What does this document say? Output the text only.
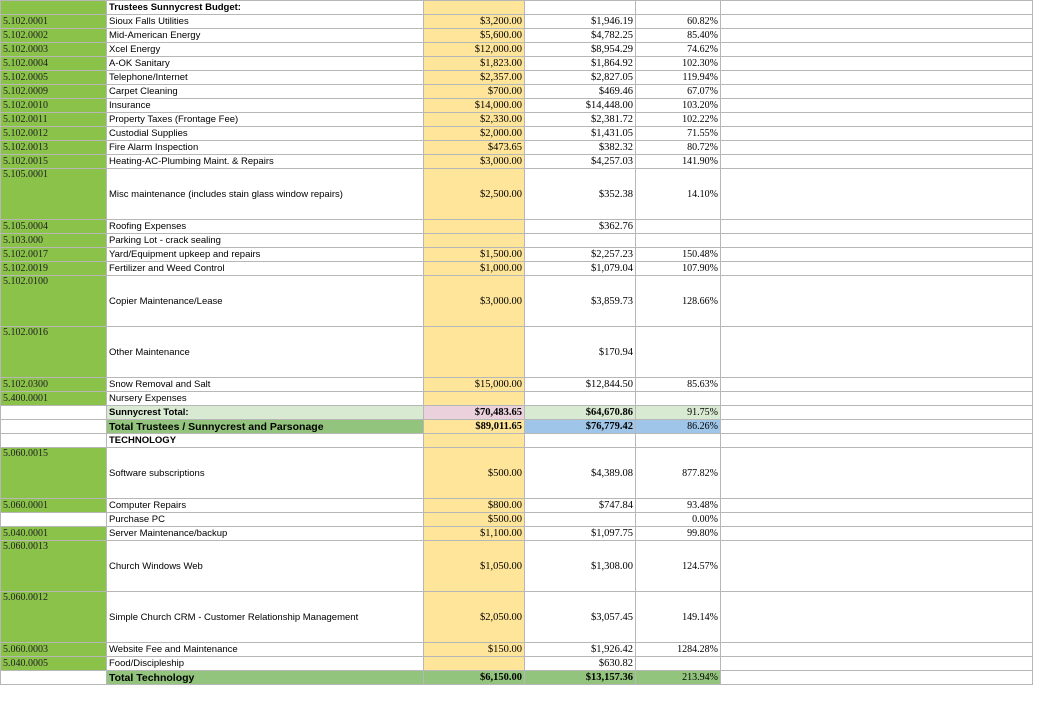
	Trustees Sunnycrest Budget:				
5.102.0001	Sioux Falls Utilities	$3,200.00	$1,946.19	60.82%	
5.102.0002	Mid-American Energy	$5,600.00	$4,782.25	85.40%	
5.102.0003	Xcel Energy	$12,000.00	$8,954.29	74.62%	
5.102.0004	A-OK Sanitary	$1,823.00	$1,864.92	102.30%	
5.102.0005	Telephone/Internet	$2,357.00	$2,827.05	119.94%	
5.102.0009	Carpet Cleaning	$700.00	$469.46	67.07%	
5.102.0010	Insurance	$14,000.00	$14,448.00	103.20%	
5.102.0011	Property Taxes (Frontage Fee)	$2,330.00	$2,381.72	102.22%	
5.102.0012	Custodial Supplies	$2,000.00	$1,431.05	71.55%	
5.102.0013	Fire Alarm Inspection	$473.65	$382.32	80.72%	
5.102.0015	Heating-AC-Plumbing Maint. & Repairs	$3,000.00	$4,257.03	141.90%	
5.105.0001	Misc maintenance (includes stain glass window repairs)	$2,500.00	$352.38	14.10%	
5.105.0004	Roofing Expenses		$362.76		
5.103.000	Parking Lot - crack sealing				
5.102.0017	Yard/Equipment upkeep and repairs	$1,500.00	$2,257.23	150.48%	
5.102.0019	Fertilizer and Weed Control	$1,000.00	$1,079.04	107.90%	
5.102.0100	Copier Maintenance/Lease	$3,000.00	$3,859.73	128.66%	
5.102.0016	Other Maintenance		$170.94		
5.102.0300	Snow Removal and Salt	$15,000.00	$12,844.50	85.63%	
5.400.0001	Nursery Expenses				
	Sunnycrest Total:	$70,483.65	$64,670.86	91.75%	
	Total Trustees / Sunnycrest and Parsonage	$89,011.65	$76,779.42	86.26%	
	TECHNOLOGY				
5.060.0015	Software subscriptions	$500.00	$4,389.08	877.82%	
5.060.0001	Computer Repairs	$800.00	$747.84	93.48%	
	Purchase PC	$500.00		0.00%	
5.040.0001	Server Maintenance/backup	$1,100.00	$1,097.75	99.80%	
5.060.0013	Church Windows Web	$1,050.00	$1,308.00	124.57%	
5.060.0012	Simple Church CRM - Customer Relationship Management	$2,050.00	$3,057.45	149.14%	
5.060.0003	Website Fee and Maintenance	$150.00	$1,926.42	1284.28%	
5.040.0005	Food/Discipleship		$630.82		
	Total Technology	$6,150.00	$13,157.36	213.94%	
